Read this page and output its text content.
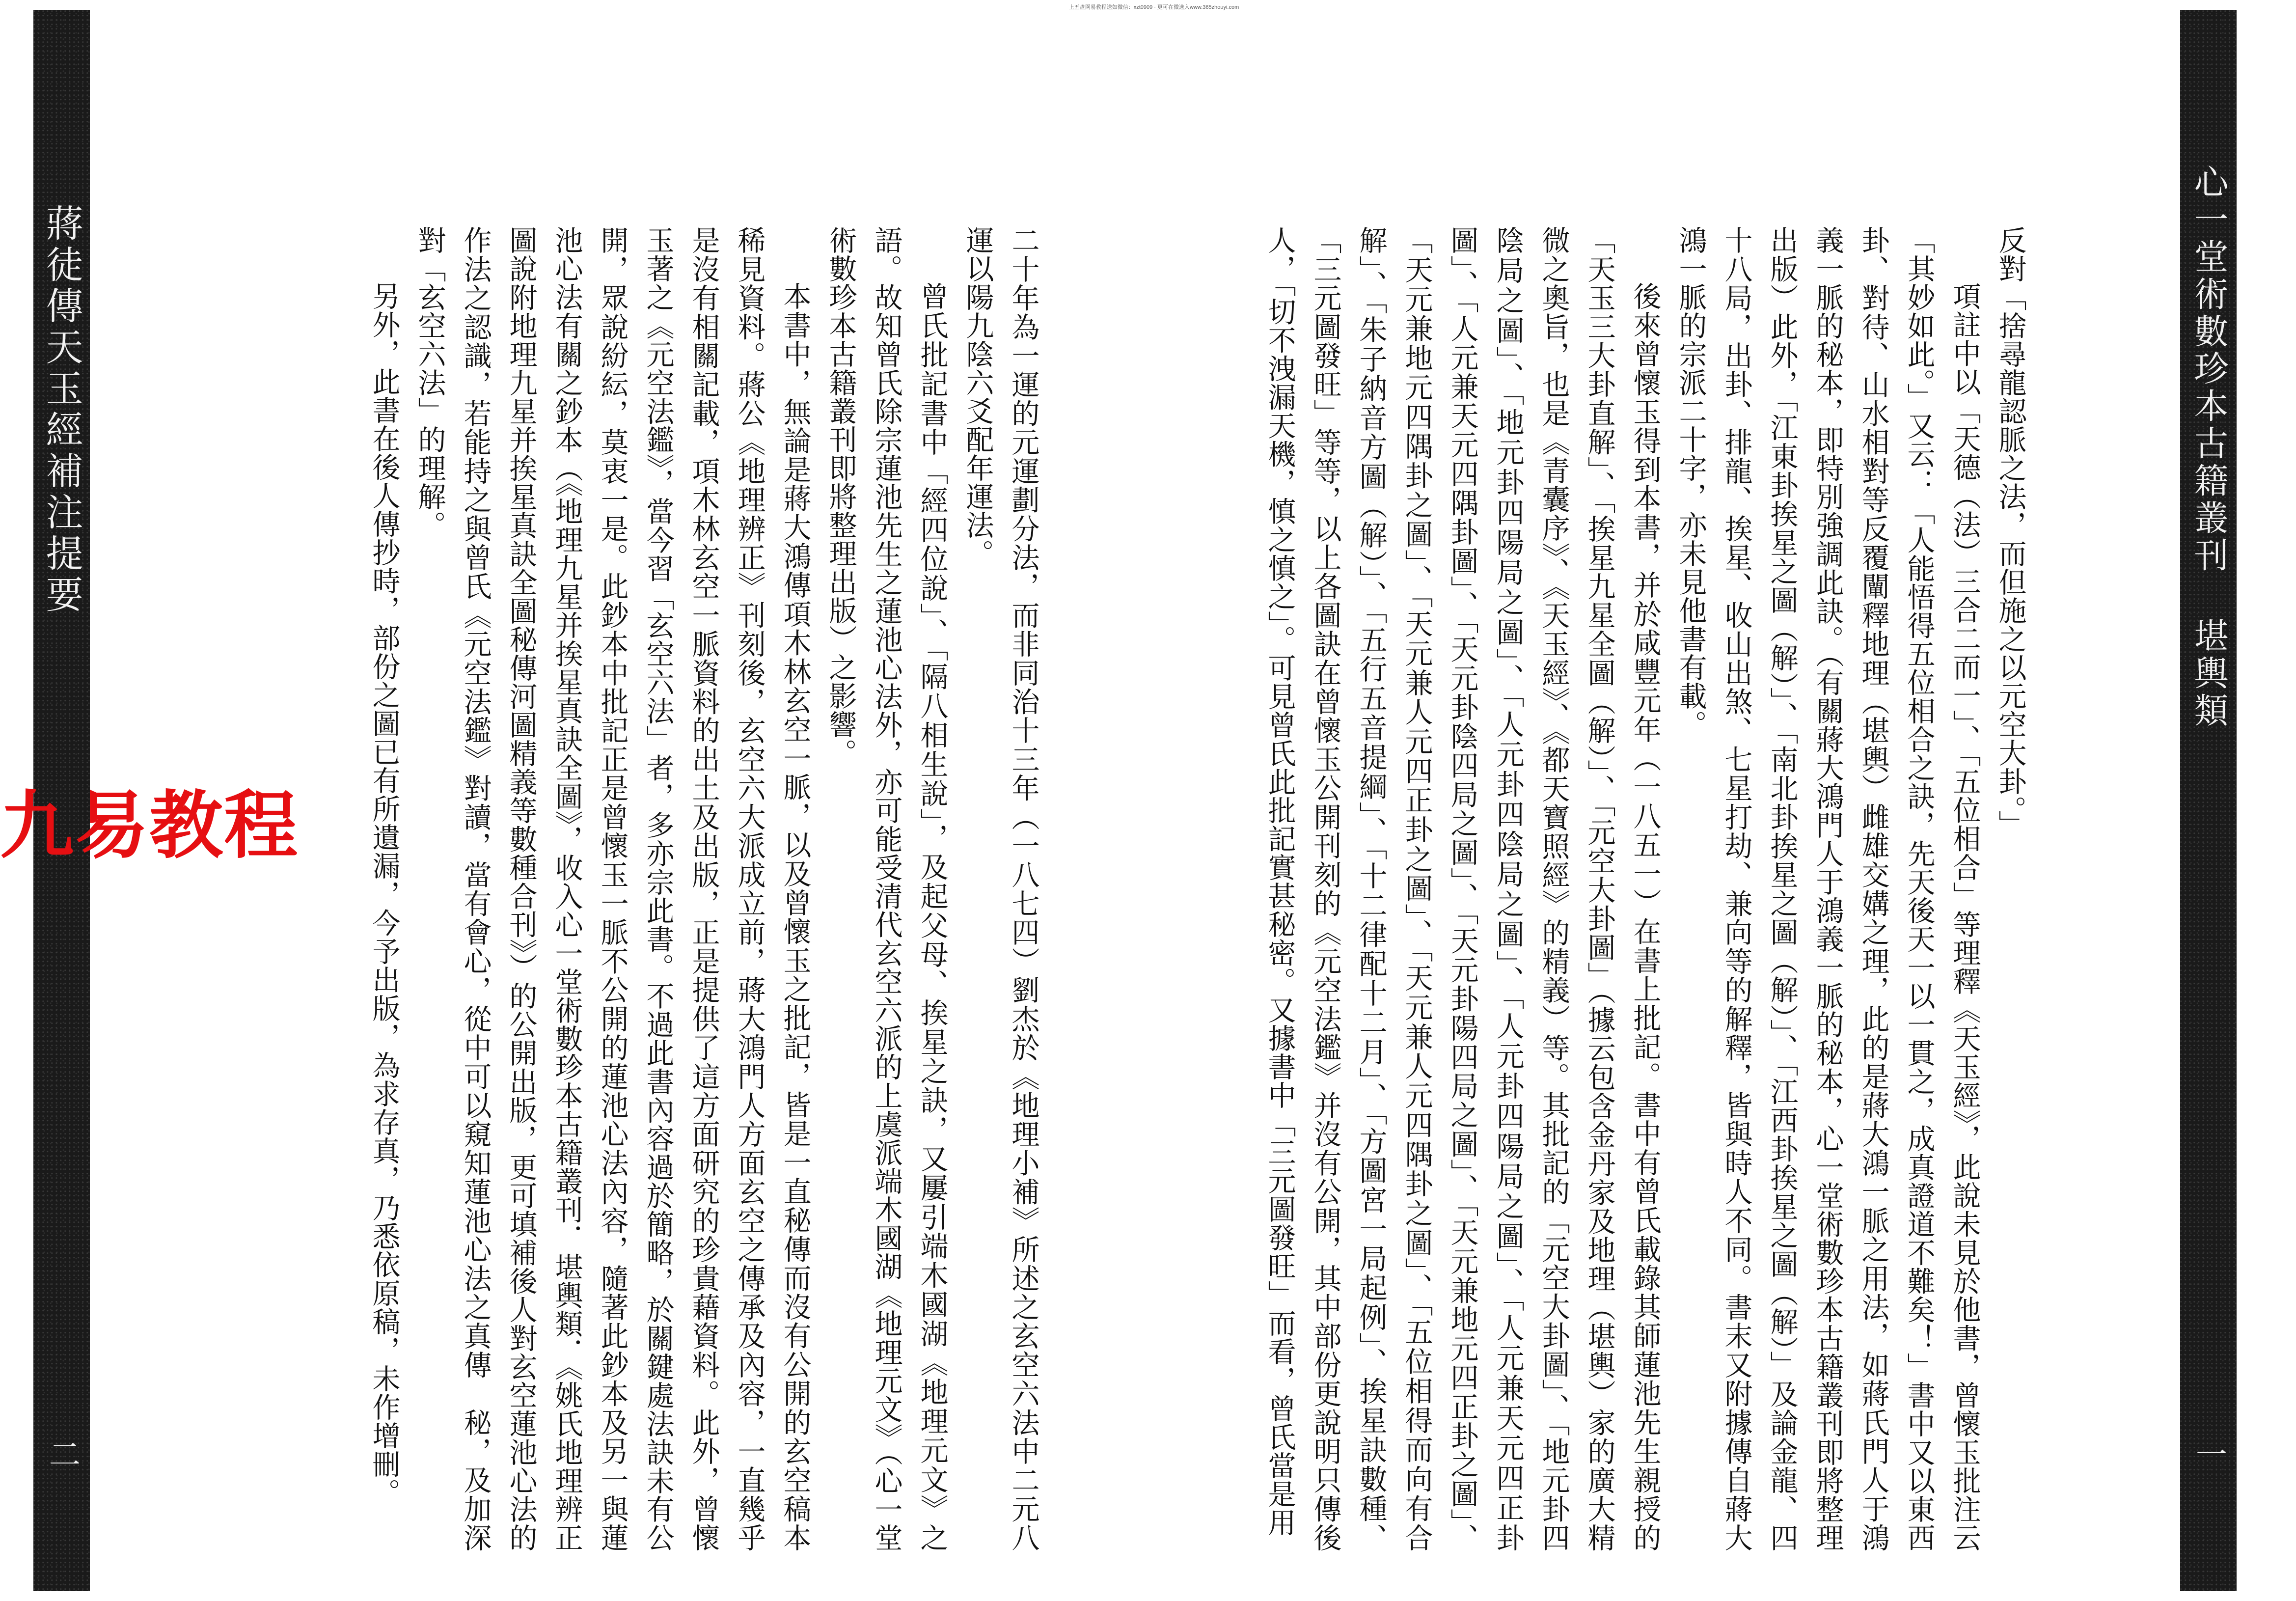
上五盘网易教程送如微信：xzt0909 · 更可在微选入www.365zhouyi.com
蔣徒傳天玉經補注提要
二
心一堂術數珍本古籍叢刊 堪輿類
一

反對「捨尋龍認脈之法，而但施之以元空大卦。」

項註中以「天德（法）三合二而一」、「五位相合」等理釋《天玉經》，此說未見於他書，曾懷玉批注云「其妙如此。」又云：「人能悟得五位相合之訣，先天後天一以一貫之，成真證道不難矣！」書中又以東西卦、對待、山水相對等反覆闡釋地理（堪輿）雌雄交媾之理，此的是蔣大鴻一脈之用法，如蔣氏門人于鴻義一脈的秘本，即特別強調此訣。（有關蔣大鴻門人于鴻義一脈的秘本，心一堂術數珍本古籍叢刊即將整理出版）此外，「江東卦挨星之圖（解）」、「南北卦挨星之圖（解）」、「江西卦挨星之圖（解）」及論金龍、四十八局，出卦、排龍、挨星、收山出煞、七星打劫、兼向等的解釋，皆與時人不同。書末又附據傳自蔣大鴻一脈的宗派二十字，亦未見他書有載。

後來曾懷玉得到本書，并於咸豐元年（一八五一）在書上批記。書中有曾氏載錄其師蓮池先生親授的「天玉三大卦直解」、「挨星九星全圖（解）」、「元空大卦圖」（據云包含金丹家及地理（堪輿）家的廣大精微之奧旨，也是《青囊序》、《天玉經》、《都天寶照經》的精義）等。其批記的「元空大卦圖」、「地元卦四陰局之圖」、「地元卦四陽局之圖」、「人元卦四陰局之圖」、「人元卦四陽局之圖」、「人元兼天元四正卦圖」、「人元兼天元四隅卦圖」、「天元卦陰四局之圖」、「天元卦陽四局之圖」、「天元兼地元四正卦之圖」、「天元兼地元四隅卦之圖」、「天元兼人元四正卦之圖」、「天元兼人元四隅卦之圖」、「五位相得而向有合解」、「朱子納音方圖（解）」、「五行五音提綱」、「十二律配十二月」、「方圖宮一局起例」、挨星訣數種、「三元圖發旺」等等，以上各圖訣在曾懷玉公開刊刻的《元空法鑑》并沒有公開，其中部份更說明只傳後人，「切不洩漏天機，慎之慎之」。可見曾氏此批記實甚秘密。又據書中「三元圖發旺」而看，曾氏當是用

二十年為一運的元運劃分法，而非同治十三年（一八七四）劉杰於《地理小補》所述之玄空六法中二元八運以陽九陰六爻配年運法。

曾氏批記書中「經四位說」、「隔八相生說」，及起父母、挨星之訣，又屢引端木國湖《地理元文》之語。故知曾氏除宗蓮池先生之蓮池心法外，亦可能受清代玄空六派的上虞派端木國湖《地理元文》（心一堂術數珍本古籍叢刊即將整理出版）之影響。

本書中，無論是蔣大鴻傳項木林玄空一脈，以及曾懷玉之批記，皆是一直秘傳而沒有公開的玄空稿本稀見資料。蔣公《地理辨正》刊刻後，玄空六大派成立前，蔣大鴻門人方面玄空之傳承及內容，一直幾乎是沒有相關記載，項木林玄空一脈資料的出土及出版，正是提供了這方面研究的珍貴藉資料。此外，曾懷玉著之《元空法鑑》，當今習「玄空六法」者，多亦宗此書。不過此書內容過於簡略，於關鍵處法訣未有公開，眾說紛紜，莫衷一是。此鈔本中批記正是曾懷玉一脈不公開的蓮池心法內容，隨著此鈔本及另一與蓮池心法有關之鈔本（《地理九星并挨星真訣全圖》，收入心一堂術數珍本古籍叢刊．堪輿類．《姚氏地理辨正圖說附地理九星并挨星真訣全圖秘傳河圖精義等數種合刊》）的公開出版，更可填補後人對玄空蓮池心法的作法之認識，若能持之與曾氏《元空法鑑》對讀，當有會心，從中可以窺知蓮池心法之真傳　秘，及加深對「玄空六法」的理解。

另外，此書在後人傳抄時，部份之圖已有所遺漏，今予出版，為求存真，乃悉依原稿，未作增刪。

九易教程
